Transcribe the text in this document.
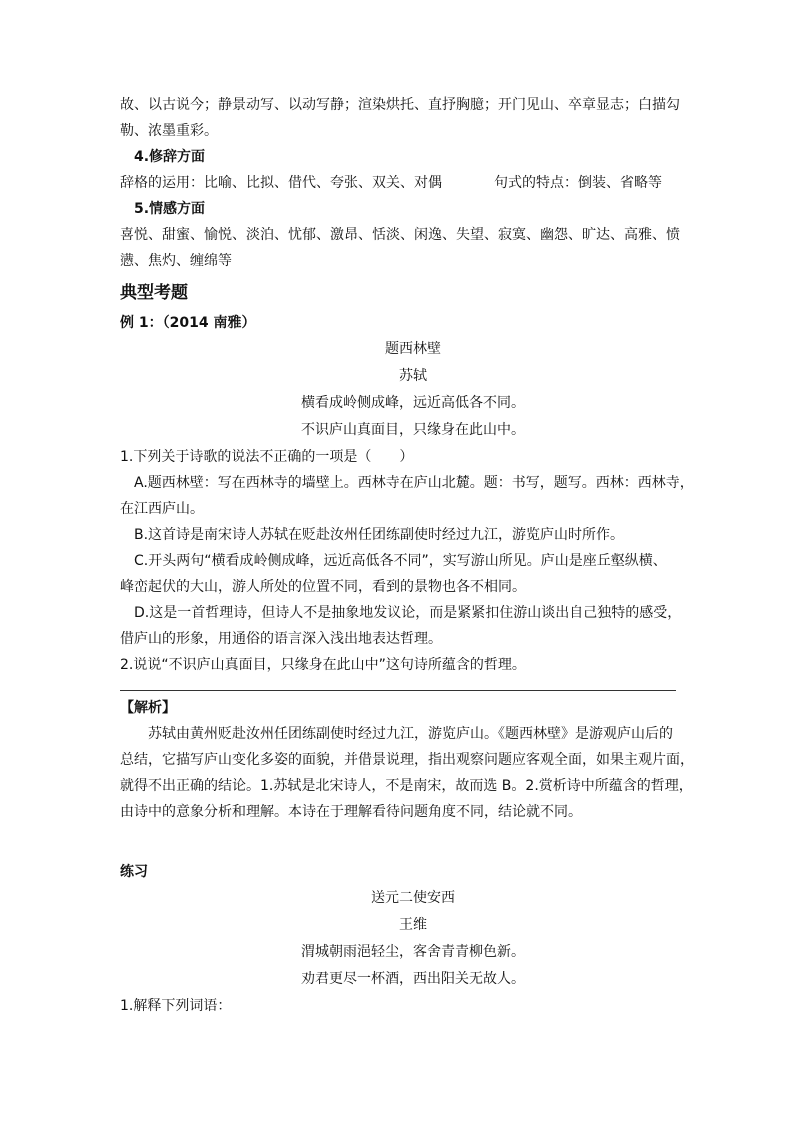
故、以古说今；静景动写、以动写静；渲染烘托、直抒胸臆；开门见山、卒章显志；白描勾
勒、浓墨重彩。
4.修辞方面
辞格的运用：比喻、比拟、借代、夸张、双关、对偶	句式的特点：倒装、省略等
5.情感方面
喜悦、甜蜜、愉悦、淡泊、忧郁、激昂、恬淡、闲逸、失望、寂寞、幽怨、旷达、高雅、愤
懑、焦灼、缠绵等
典型考题
例 1：（2014 南雅）
题西林壁
苏轼
横看成岭侧成峰，远近高低各不同。
不识庐山真面目，只缘身在此山中。
1.下列关于诗歌的说法不正确的一项是（　　）
A.题西林壁：写在西林寺的墙壁上。西林寺在庐山北麓。题：书写，题写。西林：西林寺，
在江西庐山。
B.这首诗是南宋诗人苏轼在贬赴汝州任团练副使时经过九江，游览庐山时所作。
C.开头两句“横看成岭侧成峰，远近高低各不同”，实写游山所见。庐山是座丘壑纵横、
峰峦起伏的大山，游人所处的位置不同，看到的景物也各不相同。
D.这是一首哲理诗，但诗人不是抽象地发议论，而是紧紧扣住游山谈出自己独特的感受，
借庐山的形象，用通俗的语言深入浅出地表达哲理。
2.说说“不识庐山真面目，只缘身在此山中”这句诗所蕴含的哲理。
【解析】
苏轼由黄州贬赴汝州任团练副使时经过九江，游览庐山。《题西林壁》是游观庐山后的
总结，它描写庐山变化多姿的面貌，并借景说理，指出观察问题应客观全面，如果主观片面，
就得不出正确的结论。1.苏轼是北宋诗人，不是南宋，故而选 B。2.赏析诗中所蕴含的哲理，
由诗中的意象分析和理解。本诗在于理解看待问题角度不同，结论就不同。
练习
送元二使安西
王维
渭城朝雨浥轻尘，客舍青青柳色新。
劝君更尽一杯酒，西出阳关无故人。
1.解释下列词语：
